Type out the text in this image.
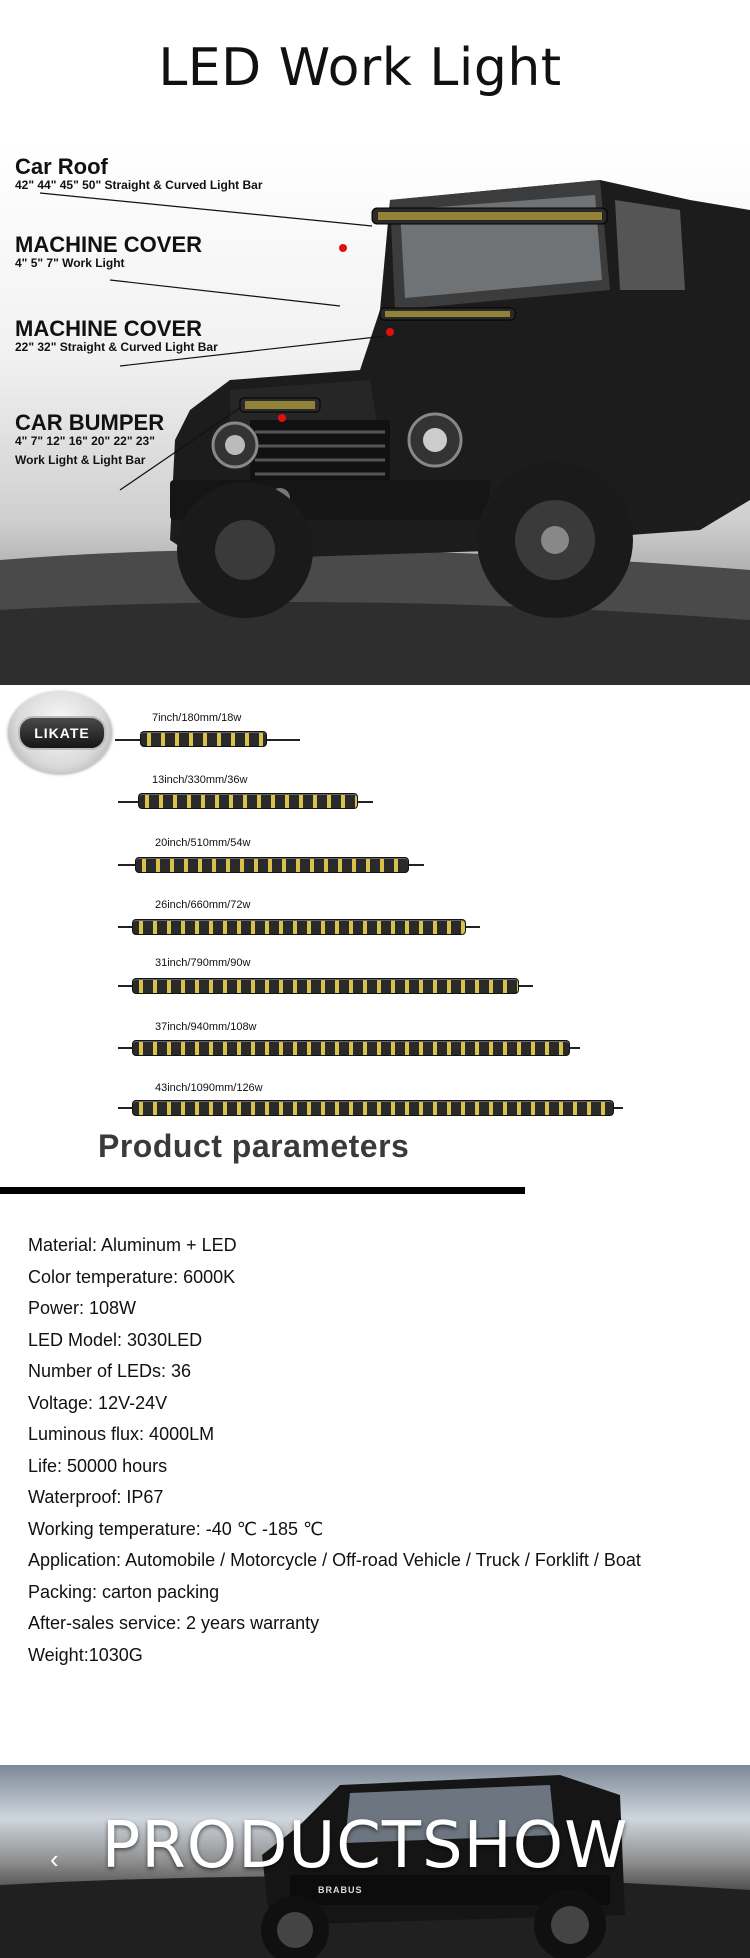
LED Work Light
Car Roof
42" 44" 45" 50" Straight & Curved Light Bar
MACHINE COVER
4" 5" 7" Work Light
MACHINE COVER
22" 32" Straight & Curved Light Bar
CAR BUMPER
4" 7" 12" 16" 20" 22" 23"
Work Light & Light Bar
LIKATE
7inch/180mm/18w
13inch/330mm/36w
20inch/510mm/54w
26inch/660mm/72w
31inch/790mm/90w
37inch/940mm/108w
43inch/1090mm/126w
Product parameters
Material: Aluminum + LED
Color temperature: 6000K
Power: 108W
LED Model: 3030LED
Number of LEDs: 36
Voltage: 12V-24V
Luminous flux: 4000LM
Life: 50000 hours
Waterproof: IP67
Working temperature: -40 ℃ -185 ℃
Application: Automobile / Motorcycle / Off-road Vehicle / Truck / Forklift / Boat
Packing: carton packing
After-sales service: 2 years warranty
Weight:1030G
BRABUS
‹ PRODUCTSHOW
